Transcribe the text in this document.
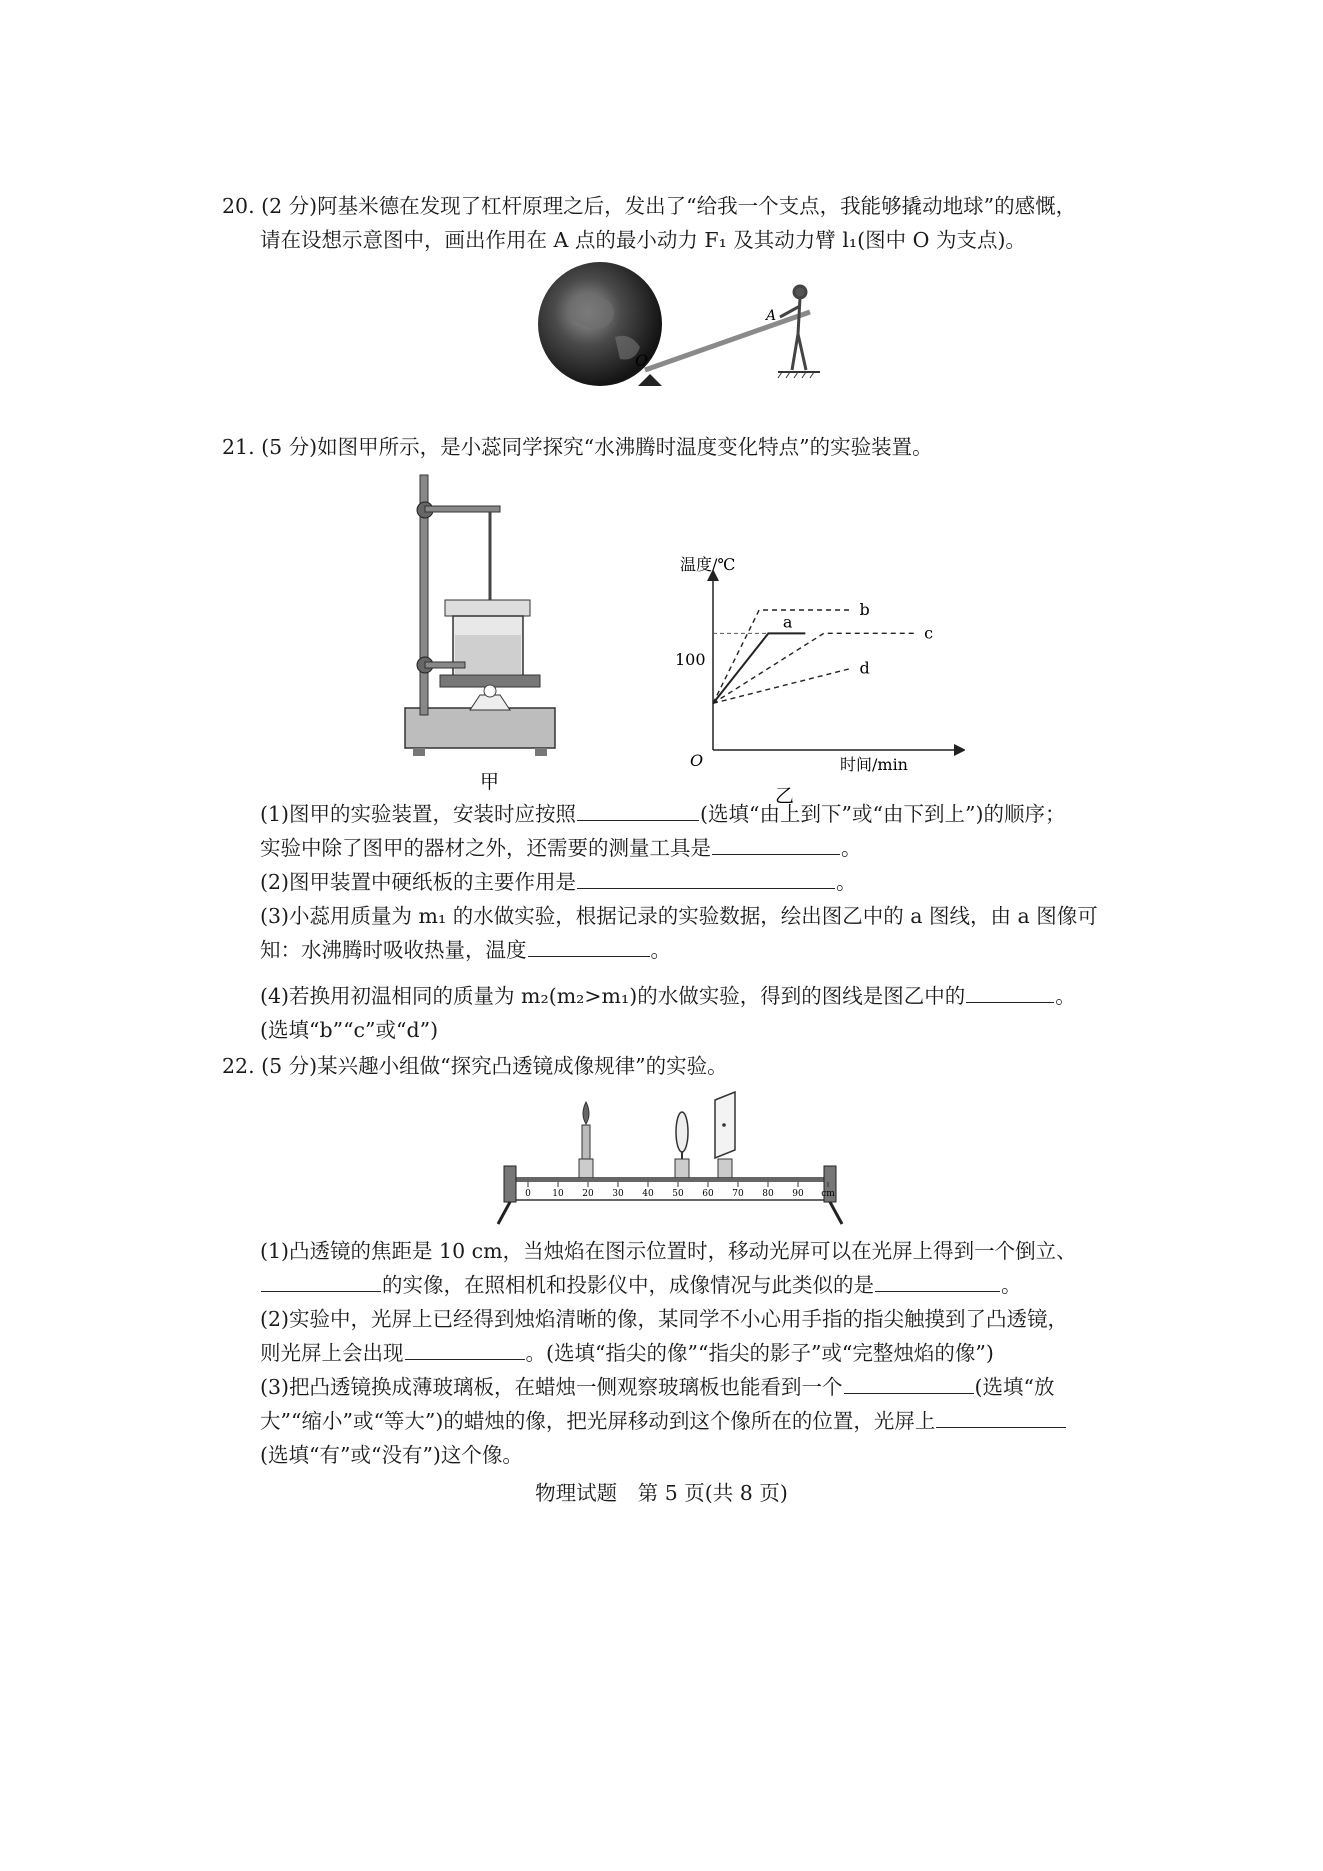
20. (2 分)阿基米德在发现了杠杆原理之后，发出了“给我一个支点，我能够撬动地球”的感慨，
请在设想示意图中，画出作用在 A 点的最小动力 F₁ 及其动力臂 l₁(图中 O 为支点)。
O
A
21. (5 分)如图甲所示，是小蕊同学探究“水沸腾时温度变化特点”的实验装置。
甲
温度/℃
时间/min
O
100
乙
a
b
c
d
(1)图甲的实验装置，安装时应按照	(选填“由上到下”或“由下到上”)的顺序；
实验中除了图甲的器材之外，还需要的测量工具是	。
(2)图甲装置中硬纸板的主要作用是	。
(3)小蕊用质量为 m₁ 的水做实验，根据记录的实验数据，绘出图乙中的 a 图线，由 a 图像可
知：水沸腾时吸收热量，温度	。
(4)若换用初温相同的质量为 m₂(m₂>m₁)的水做实验，得到的图线是图乙中的	。
(选填“b”“c”或“d”)
22. (5 分)某兴趣小组做“探究凸透镜成像规律”的实验。
0 10 20 30 40 50 60 70 80 90 cm
(1)凸透镜的焦距是 10 cm，当烛焰在图示位置时，移动光屏可以在光屏上得到一个倒立、
的实像，在照相机和投影仪中，成像情况与此类似的是	。
(2)实验中，光屏上已经得到烛焰清晰的像，某同学不小心用手指的指尖触摸到了凸透镜，
则光屏上会出现	。(选填“指尖的像”“指尖的影子”或“完整烛焰的像”)
(3)把凸透镜换成薄玻璃板，在蜡烛一侧观察玻璃板也能看到一个	(选填“放
大”“缩小”或“等大”)的蜡烛的像，把光屏移动到这个像所在的位置，光屏上
(选填“有”或“没有”)这个像。
物理试题　第 5 页(共 8 页)
